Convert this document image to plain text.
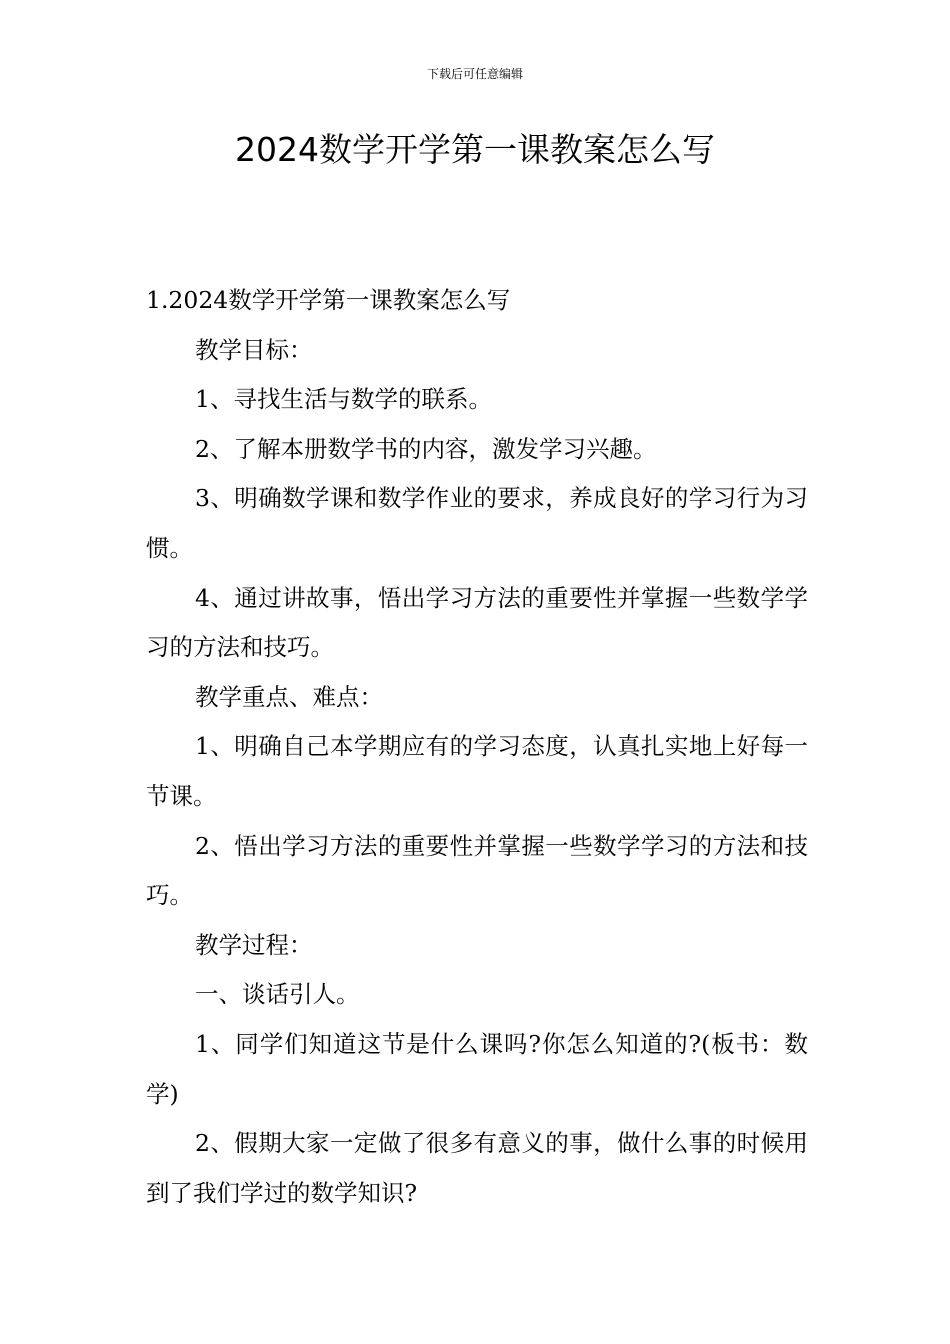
下载后可任意编辑
2024数学开学第一课教案怎么写

1.2024数学开学第一课教案怎么写

教学目标：

1、寻找生活与数学的联系。

2、了解本册数学书的内容，激发学习兴趣。

3、明确数学课和数学作业的要求，养成良好的学习行为习惯。

4、通过讲故事，悟出学习方法的重要性并掌握一些数学学习的方法和技巧。

教学重点、难点：

1、明确自己本学期应有的学习态度，认真扎实地上好每一节课。

2、悟出学习方法的重要性并掌握一些数学学习的方法和技巧。

教学过程：

一、谈话引人。

1、同学们知道这节是什么课吗?你怎么知道的?(板书：数学)

2、假期大家一定做了很多有意义的事，做什么事的时候用到了我们学过的数学知识?
